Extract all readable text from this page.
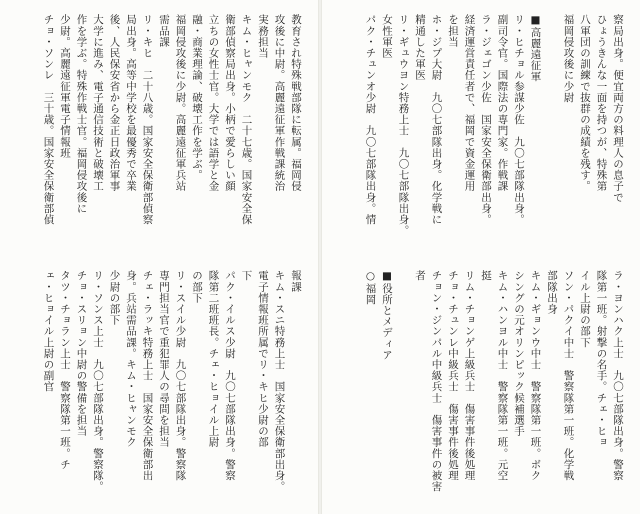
教育され特殊戦部隊に転属。福岡侵
攻後に中尉。高麗遠征軍作戦課統治
実務担当
キム・ヒャンモク　二十七歳。国家安全保
衛部偵察局出身。小柄で愛らしい顔
立ちの女性士官。大学では語学と金
融・商業理論、破壊工作を学ぶ。
福岡侵攻後に少尉。高麗遠征軍兵站
需品課
リ・キヒ　二十八歳。国家安全保衛部偵察
局出身。高等中学校を最優秀で卒業
後、人民保安省から金正日政治軍事
大学に進み、電子通信技術と破壊工
作を学ぶ。特殊作戦士官。福岡侵攻後に
少尉。高麗遠征軍電子情報班
チョ・ソンレ　三十歳。国家安全保衛部偵
報課
キム・スニ特務上士　国家安全保衛部出身。
電子情報班所属でリ・キヒ少尉の部
下
パク・イルス少尉　九〇七部隊出身。警察
隊第二班班長。チェ・ヒョイル上尉
の部下
リ・スイル少尉　九〇七部隊出身。警察隊
専門担当官で重犯罪人の尋問を担当
チェ・ラッキ特務上士　国家安全保衛部出
身。兵站需品課。キム・ヒャンモク
少尉の部下
リ・ソンス上士　九〇七部隊出身。警察隊。
チョ・スリョン中尉の警備を担当
タツ・チョラン上士　警察隊第一班。チ
ェ・ヒョイル上尉の副官
察局出身。便宜両方の料理人の息子で
ひょうきんな一面を持つが、特殊第
八軍団の訓練で抜群の成績を残す。
福岡侵攻後に少尉

■高麗遠征軍
リ・ヒチョル参謀少佐　九〇七部隊出身。
副司令官。国際法の専門家。作戦課
ラ・ジェゴン少佐　国家安全保衛部出身。
経済運営責任者で、福岡で資金運用
を担当
ホ・ジプ大尉　九〇七部隊出身。化学戦に
精通した軍医
リ・ギュウヨン特務上士　九〇七部隊出身。
女性軍医
パク・チュンオ少尉　九〇七部隊出身。情
ラ・ヨンハク上士　九〇七部隊出身。警察
隊第一班。射撃の名手。チェ・ヒョ
イル上尉の部下
ソン・パクイ中士　警察隊第一班。化学戦
部隊出身
キム・ギョンウ中士　警察隊第一班。ボク
シングの元オリンピック候補選手
キム・ハンヨル中士　警察隊第一班。元空
挺
リム・チョンゲ上級兵士　傷害事件後処理
チョ・チュンレ中級兵士　傷害事件後処理
チョン・ジンパル中級兵士　傷害事件の被害
者

■役所とメディア
○福岡
